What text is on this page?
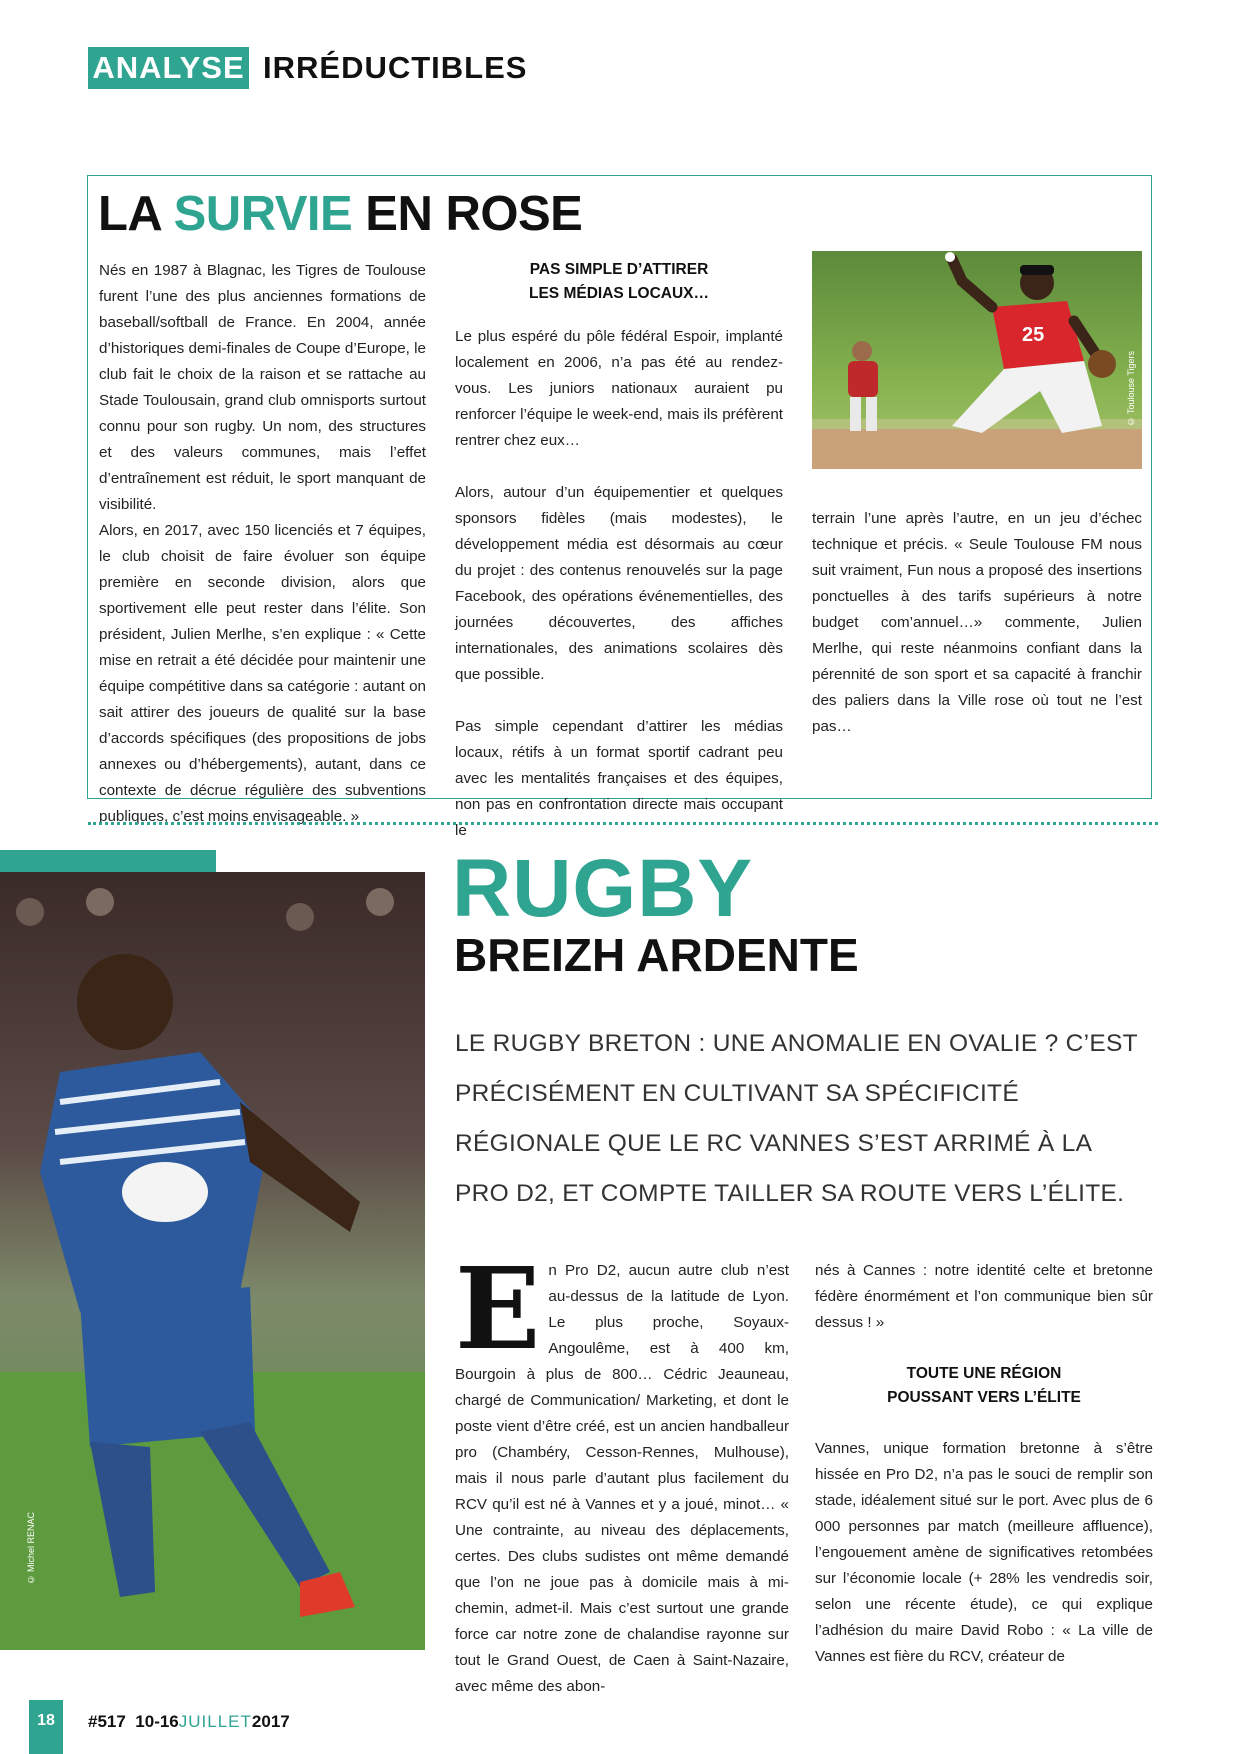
ANALYSE IRRÉDUCTIBLES
LA SURVIE EN ROSE

Nés en 1987 à Blagnac, les Tigres de Toulouse furent l’une des plus anciennes formations de baseball/softball de France. En 2004, année d’historiques demi-finales de Coupe d’Europe, le club fait le choix de la raison et se rattache au Stade Toulousain, grand club omnisports surtout connu pour son rugby. Un nom, des structures et des valeurs communes, mais l’effet d’entraînement est réduit, le sport manquant de visibilité.

Alors, en 2017, avec 150 licenciés et 7 équipes, le club choisit de faire évoluer son équipe première en seconde division, alors que sportivement elle peut rester dans l’élite. Son président, Julien Merlhe, s’en explique : « Cette mise en retrait a été décidée pour maintenir une équipe compétitive dans sa catégorie : autant on sait attirer des joueurs de qualité sur la base d’accords spécifiques (des propositions de jobs annexes ou d’hébergements), autant, dans ce contexte de décrue régulière des subventions publiques, c’est moins envisageable. »

PAS SIMPLE D’ATTIRER
LES MÉDIAS LOCAUX…

Le plus espéré du pôle fédéral Espoir, implanté localement en 2006, n’a pas été au rendez-vous. Les juniors nationaux auraient pu renforcer l’équipe le week-end, mais ils préfèrent rentrer chez eux…

Alors, autour d’un équipementier et quelques sponsors fidèles (mais modestes), le développement média est désormais au cœur du projet : des contenus renouvelés sur la page Facebook, des opérations événementielles, des journées découvertes, des affiches internationales, des animations scolaires dès que possible.

Pas simple cependant d’attirer les médias locaux, rétifs à un format sportif cadrant peu avec les mentalités françaises et des équipes, non pas en confrontation directe mais occupant le

25
© Toulouse Tigers

terrain l’une après l’autre, en un jeu d’échec technique et précis. « Seule Toulouse FM nous suit vraiment, Fun nous a proposé des insertions ponctuelles à des tarifs supérieurs à notre budget com’annuel…» commente, Julien Merlhe, qui reste néanmoins confiant dans la pérennité de son sport et sa capacité à franchir des paliers dans la Ville rose où tout ne l’est pas…

© Michel RENAC
RUGBY
BREIZH ARDENTE
LE RUGBY BRETON : UNE ANOMALIE EN OVALIE ? C’EST PRÉCISÉMENT EN CULTIVANT SA SPÉCIFICITÉ RÉGIONALE QUE LE RC VANNES S’EST ARRIMÉ À LA PRO D2, ET COMPTE TAILLER SA ROUTE VERS L’ÉLITE.
E n Pro D2, aucun autre club n’est au-dessus de la latitude de Lyon. Le plus proche, Soyaux-Angoulême, est à 400 km, Bourgoin à plus de 800… Cédric Jeauneau, chargé de Communication/ Marketing, et dont le poste vient d’être créé, est un ancien handballeur pro (Chambéry, Cesson-Rennes, Mulhouse), mais il nous parle d’autant plus facilement du RCV qu’il est né à Vannes et y a joué, minot… « Une contrainte, au niveau des déplacements, certes. Des clubs sudistes ont même demandé que l’on ne joue pas à domicile mais à mi-chemin, admet-il. Mais c’est surtout une grande force car notre zone de chalandise rayonne sur tout le Grand Ouest, de Caen à Saint-Nazaire, avec même des abon-

nés à Cannes : notre identité celte et bretonne fédère énormément et l’on communique bien sûr dessus ! »

TOUTE UNE RÉGION
POUSSANT VERS L’ÉLITE

Vannes, unique formation bretonne à s’être hissée en Pro D2, n’a pas le souci de remplir son stade, idéalement situé sur le port. Avec plus de 6 000 personnes par match (meilleure affluence), l’engouement amène de significatives retombées sur l’économie locale (+ 28% les vendredis soir, selon une récente étude), ce qui explique l’adhésion du maire David Robo : « La ville de Vannes est fière du RCV, créateur de

18	#517 10-16JUILLET2017
